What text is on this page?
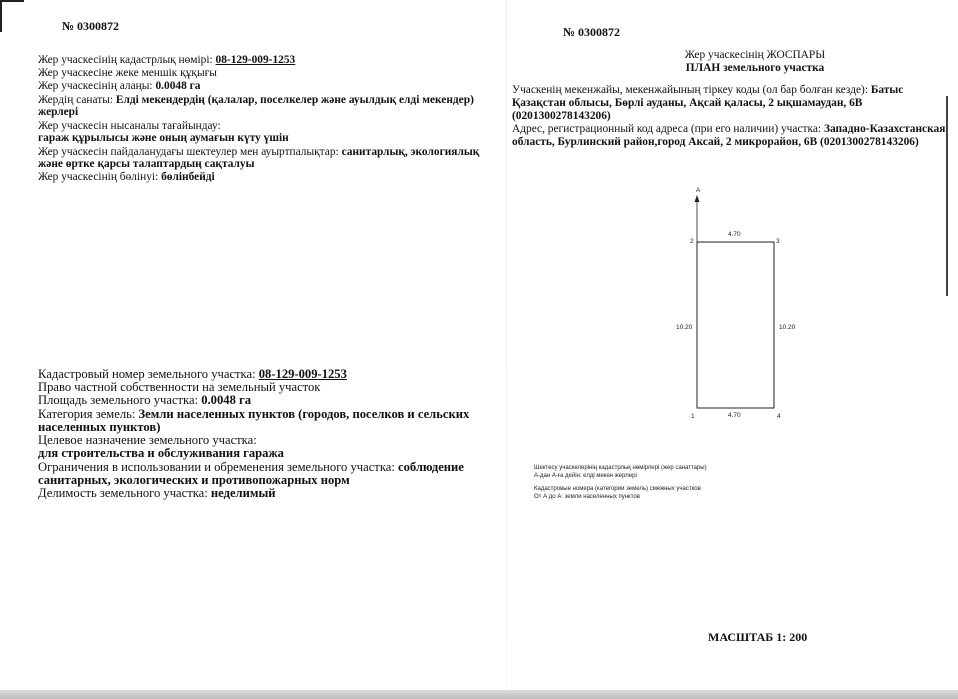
№ 0300872
Жер учаскесінің кадастрлық нөмірі: 08-129-009-1253
Жер учаскесіне жеке меншік құқығы
Жер учаскесінің алаңы: 0.0048 га
Жердің санаты: Елді мекендердің (қалалар, поселкелер және ауылдық елді мекендер)
жерлері
Жер учаскесін нысаналы тағайындау:
гараж құрылысы және оның аумағын күту үшін
Жер учаскесін пайдаланудағы шектеулер мен ауыртпалықтар: санитарлық, экологиялық
және өртке қарсы талаптардың сақталуы
Жер учаскесінің бөлінуі: бөлінбейді
Кадастровый номер земельного участка: 08-129-009-1253
Право частной собственности на земельный участок
Площадь земельного участка: 0.0048 га
Категория земель: Земли населенных пунктов (городов, поселков и сельских
населенных пунктов)
Целевое назначение земельного участка:
для строительства и обслуживания гаража
Ограничения в использовании и обременения земельного участка: соблюдение
санитарных, экологических и противопожарных норм
Делимость земельного участка: неделимый
№ 0300872
Жер учаскесінің ЖОСПАРЫ
ПЛАН земельного участка
Учаскенің мекенжайы, мекенжайының тіркеу коды (ол бар болған кезде): Батыс
Қазақстан облысы, Бөрлі ауданы, Ақсай қаласы, 2 ықшамаудан, 6В
(0201300278143206)
Адрес, регистрационный код адреса (при его наличии) участка: Западно-Казахстанская
область, Бурлинский район,город Аксай, 2 микрорайон, 6В (0201300278143206)
А
4.70
4.70
10.20	10.20
1
2	3
4
Шектесу учаскелерінің кадастрлық нөмірлері (жер санаттары)
А-дан А-ға дейін: елді мекен жерлері
Кадастровые номера (категории земель) смежных участков
От А до А: земли населенных пунктов
МАСШТАБ 1: 200
